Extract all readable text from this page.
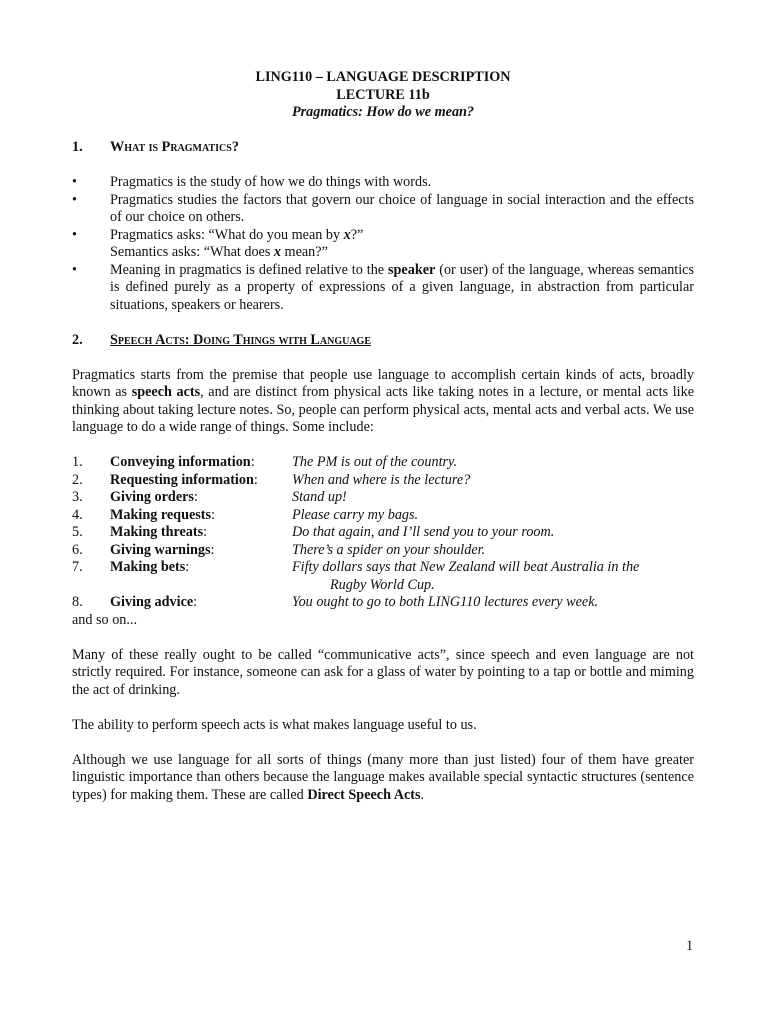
LING110 – LANGUAGE DESCRIPTION
LECTURE 11b
Pragmatics: How do we mean?
1.	What is Pragmatics?
•	Pragmatics is the study of how we do things with words.
•	Pragmatics studies the factors that govern our choice of language in social interaction and the effects of our choice on others.
•	Pragmatics asks: “What do you mean by x?”
Semantics asks: “What does x mean?”
•	Meaning in pragmatics is defined relative to the speaker (or user) of the language, whereas semantics is defined purely as a property of expressions of a given language, in abstraction from particular situations, speakers or hearers.
2.	Speech Acts: Doing Things with Language

Pragmatics starts from the premise that people use language to accomplish certain kinds of acts, broadly known as speech acts, and are distinct from physical acts like taking notes in a lecture, or mental acts like thinking about taking lecture notes. So, people can perform physical acts, mental acts and verbal acts. We use language to do a wide range of things. Some include:

1.	Conveying information:	The PM is out of the country.
2.	Requesting information:	When and where is the lecture?
3.	Giving orders:	Stand up!
4.	Making requests:	Please carry my bags.
5.	Making threats:	Do that again, and I’ll send you to your room.
6.	Giving warnings:	There’s a spider on your shoulder.
7.	Making bets:	Fifty dollars says that New Zealand will beat Australia in the
Rugby World Cup.
8.	Giving advice:	You ought to go to both LING110 lectures every week.
and so on...

Many of these really ought to be called “communicative acts”, since speech and even language are not strictly required. For instance, someone can ask for a glass of water by pointing to a tap or bottle and miming the act of drinking.

The ability to perform speech acts is what makes language useful to us.

Although we use language for all sorts of things (many more than just listed) four of them have greater linguistic importance than others because the language makes available special syntactic structures (sentence types) for making them. These are called Direct Speech Acts.

1
